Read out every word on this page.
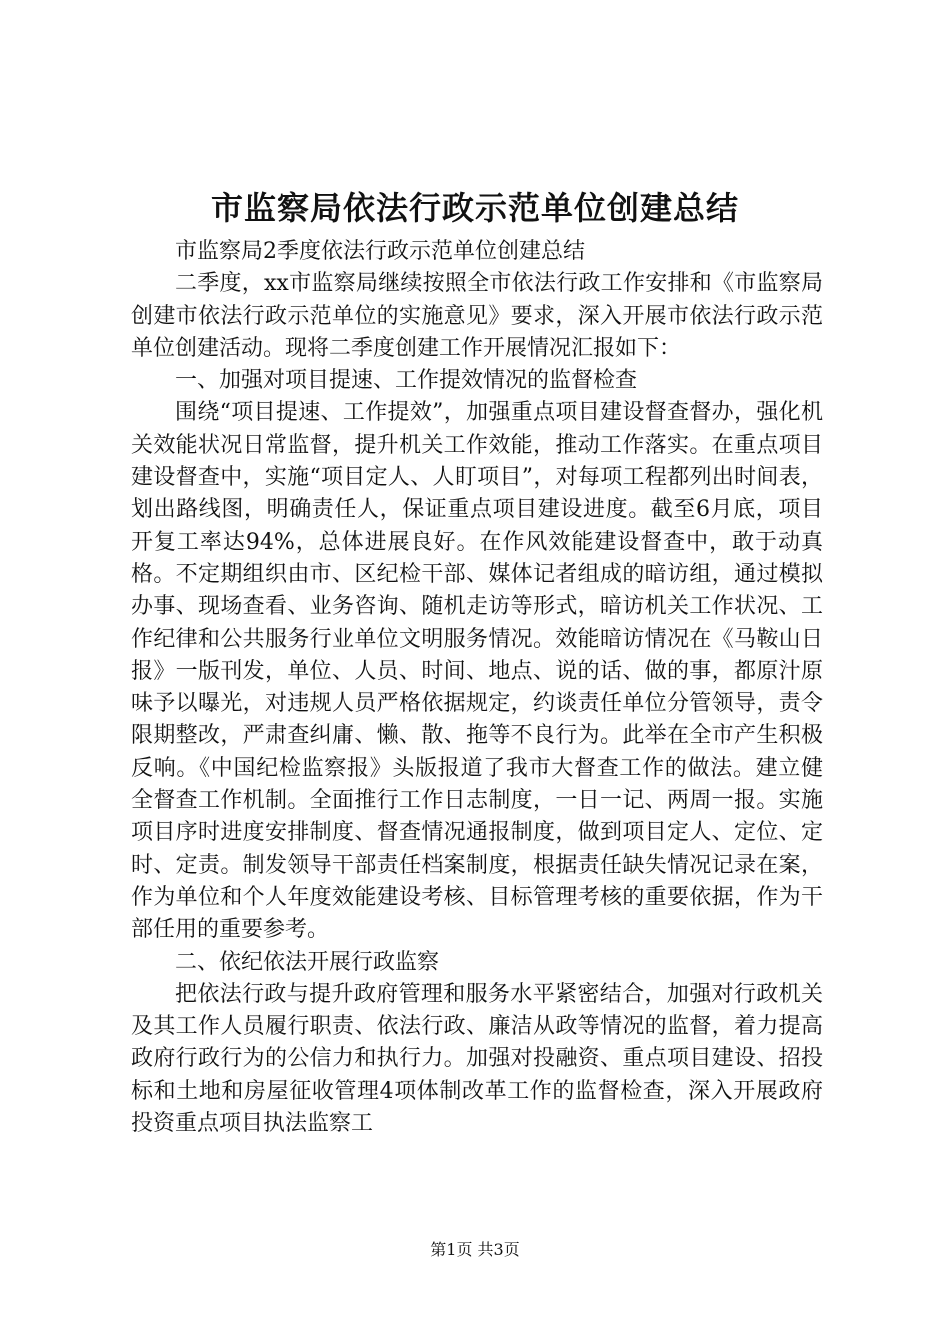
市监察局依法行政示范单位创建总结

市监察局2季度依法行政示范单位创建总结

二季度，xx市监察局继续按照全市依法行政工作安排和《市监察局创建市依法行政示范单位的实施意见》要求，深入开展市依法行政示范单位创建活动。现将二季度创建工作开展情况汇报如下：

一、加强对项目提速、工作提效情况的监督检查

围绕“项目提速、工作提效”，加强重点项目建设督查督办，强化机关效能状况日常监督，提升机关工作效能，推动工作落实。在重点项目建设督查中，实施“项目定人、人盯项目”，对每项工程都列出时间表，划出路线图，明确责任人，保证重点项目建设进度。截至6月底，项目开复工率达94%，总体进展良好。在作风效能建设督查中，敢于动真格。不定期组织由市、区纪检干部、媒体记者组成的暗访组，通过模拟办事、现场查看、业务咨询、随机走访等形式，暗访机关工作状况、工作纪律和公共服务行业单位文明服务情况。效能暗访情况在《马鞍山日报》一版刊发，单位、人员、时间、地点、说的话、做的事，都原汁原味予以曝光，对违规人员严格依据规定，约谈责任单位分管领导，责令限期整改，严肃查纠庸、懒、散、拖等不良行为。此举在全市产生积极反响。《中国纪检监察报》头版报道了我市大督查工作的做法。建立健全督查工作机制。全面推行工作日志制度，一日一记、两周一报。实施项目序时进度安排制度、督查情况通报制度，做到项目定人、定位、定时、定责。制发领导干部责任档案制度，根据责任缺失情况记录在案，作为单位和个人年度效能建设考核、目标管理考核的重要依据，作为干部任用的重要参考。

二、依纪依法开展行政监察

把依法行政与提升政府管理和服务水平紧密结合，加强对行政机关及其工作人员履行职责、依法行政、廉洁从政等情况的监督，着力提高政府行政行为的公信力和执行力。加强对投融资、重点项目建设、招投标和土地和房屋征收管理4项体制改革工作的监督检查，深入开展政府投资重点项目执法监察工

第1页 共3页
